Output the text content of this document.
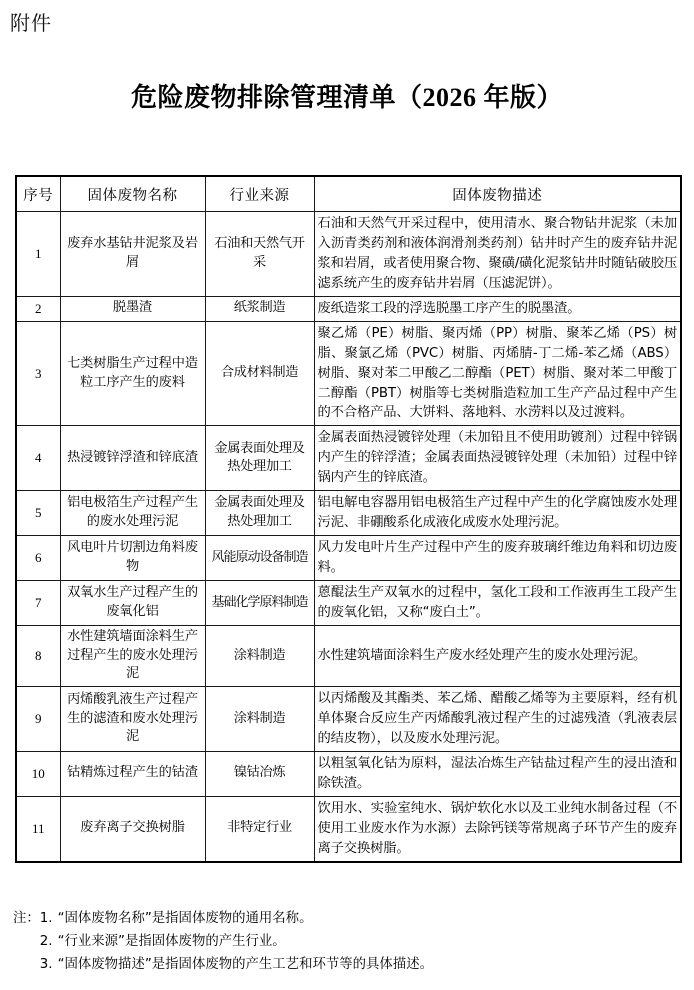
附件
危险废物排除管理清单（2026 年版）
序号	固体废物名称	行业来源	固体废物描述
1	废弃水基钻井泥浆及岩屑	石油和天然气开采	石油和天然气开采过程中，使用清水、聚合物钻井泥浆（未加入沥青类药剂和液体润滑剂类药剂）钻井时产生的废弃钻井泥浆和岩屑，或者使用聚合物、聚磺/磺化泥浆钻井时随钻破胶压滤系统产生的废弃钻井岩屑（压滤泥饼）。
2	脱墨渣	纸浆制造	废纸造浆工段的浮选脱墨工序产生的脱墨渣。
3	七类树脂生产过程中造粒工序产生的废料	合成材料制造	聚乙烯（PE）树脂、聚丙烯（PP）树脂、聚苯乙烯（PS）树脂、聚氯乙烯（PVC）树脂、丙烯腈-丁二烯-苯乙烯（ABS）树脂、聚对苯二甲酸乙二醇酯（PET）树脂、聚对苯二甲酸丁二醇酯（PBT）树脂等七类树脂造粒加工生产产品过程中产生的不合格产品、大饼料、落地料、水涝料以及过渡料。
4	热浸镀锌浮渣和锌底渣	金属表面处理及热处理加工	金属表面热浸镀锌处理（未加铅且不使用助镀剂）过程中锌锅内产生的锌浮渣；金属表面热浸镀锌处理（未加铅）过程中锌锅内产生的锌底渣。
5	铝电极箔生产过程产生的废水处理污泥	金属表面处理及热处理加工	铝电解电容器用铝电极箔生产过程中产生的化学腐蚀废水处理污泥、非硼酸系化成液化成废水处理污泥。
6	风电叶片切割边角料废物	风能原动设备制造	风力发电叶片生产过程中产生的废弃玻璃纤维边角料和切边废料。
7	双氧水生产过程产生的废氧化铝	基础化学原料制造	蒽醌法生产双氧水的过程中，氢化工段和工作液再生工段产生的废氧化铝，又称“废白土”。
8	水性建筑墙面涂料生产过程产生的废水处理污泥	涂料制造	水性建筑墙面涂料生产废水经处理产生的废水处理污泥。
9	丙烯酸乳液生产过程产生的滤渣和废水处理污泥	涂料制造	以丙烯酸及其酯类、苯乙烯、醋酸乙烯等为主要原料，经有机单体聚合反应生产丙烯酸乳液过程产生的过滤残渣（乳液表层的结皮物），以及废水处理污泥。
10	钴精炼过程产生的钴渣	镍钴冶炼	以粗氢氧化钴为原料，湿法冶炼生产钴盐过程产生的浸出渣和除铁渣。
11	废弃离子交换树脂	非特定行业	饮用水、实验室纯水、锅炉软化水以及工业纯水制备过程（不使用工业废水作为水源）去除钙镁等常规离子环节产生的废弃离子交换树脂。
注： 1. “固体废物名称”是指固体废物的通用名称。
2. “行业来源”是指固体废物的产生行业。
3. “固体废物描述”是指固体废物的产生工艺和环节等的具体描述。
